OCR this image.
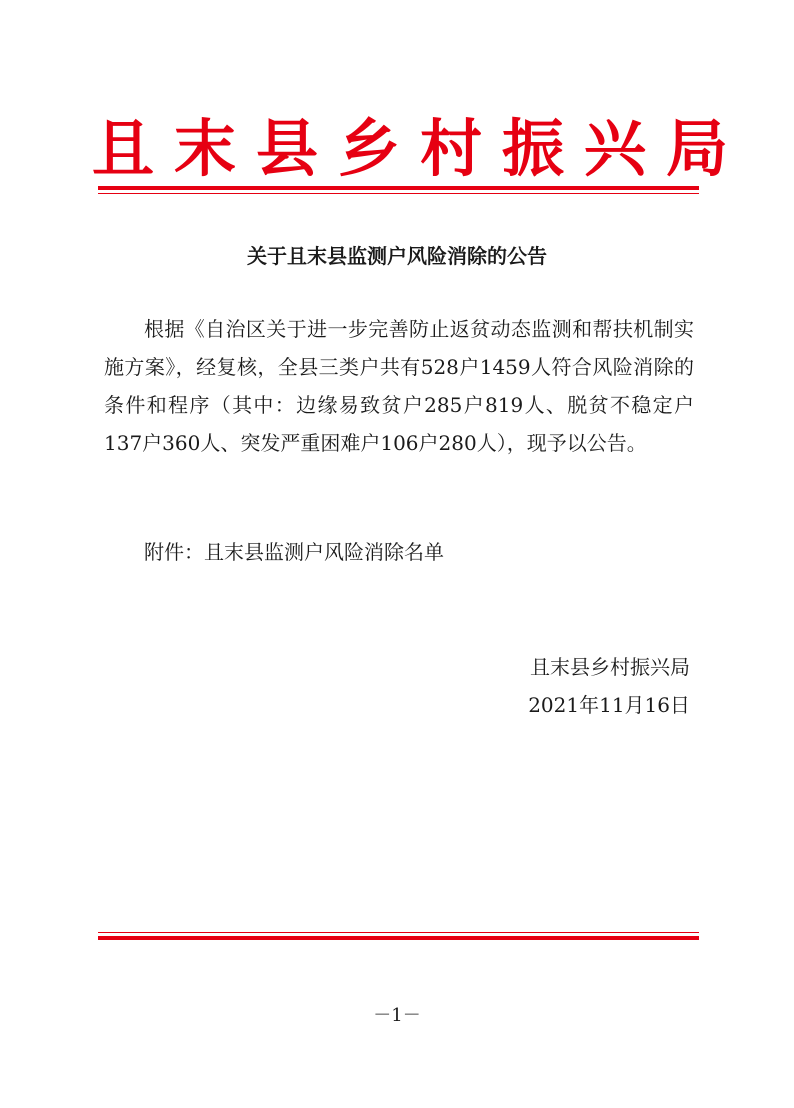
且末县乡村振兴局
关于且末县监测户风险消除的公告

根据《自治区关于进一步完善防止返贫动态监测和帮扶机制实施方案》，经复核，全县三类户共有528户1459人符合风险消除的条件和程序（其中：边缘易致贫户285户819人、脱贫不稳定户137户360人、突发严重困难户106户280人），现予以公告。

附件：且末县监测户风险消除名单
且末县乡村振兴局
2021年11月16日
－1－
